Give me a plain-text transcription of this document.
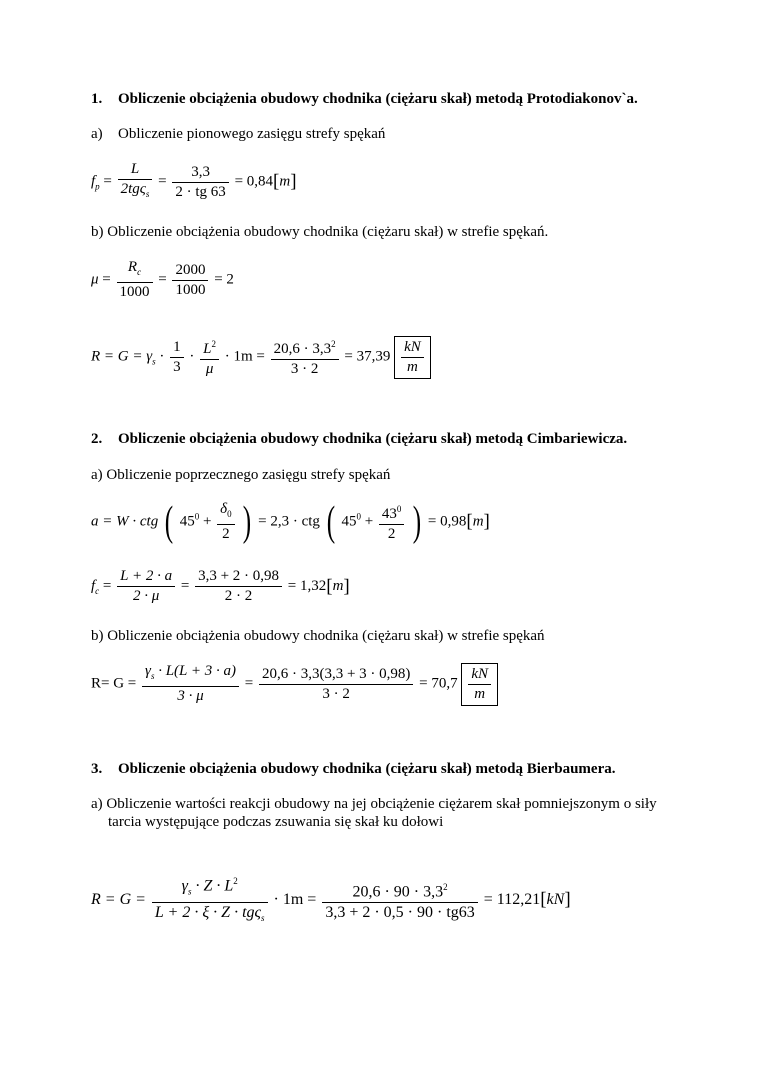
1. Obliczenie obciążenia obudowy chodnika (ciężaru skał) metodą Protodiakonov`a.
a) Obliczenie pionowego zasięgu strefy spękań
$f_p = \frac{L}{2tg\varsigma_s} = \frac{3,3}{2 \cdot tg 63} = 0,84[m]$
b) Obliczenie obciążenia obudowy chodnika (ciężaru skał) w strefie spękań.
$\mu = \frac{R_c}{1000} = \frac{2000}{1000} = 2$
$R = G = \gamma_s \cdot \frac{1}{3} \cdot \frac{L^2}{\mu} \cdot 1m = \frac{20,6 \cdot 3,3^2}{3 \cdot 2} = 37,39 \frac{kN}{m}$
2. Obliczenie obciążenia obudowy chodnika (ciężaru skał) metodą Cimbariewicza.
a) Obliczenie poprzecznego zasięgu strefy spękań
a = W · ctg ( $45^0 + \frac{\delta_0}{2}$ ) = 2,3 · ctg ( $45^0 + \frac{43^0}{2}$ ) = 0,98[m]
$f_c = \frac{L + 2 \cdot a}{2 \cdot \mu} = \frac{3,3 + 2 \cdot 0,98}{2 \cdot 2} = 1,32[m]$
b) Obliczenie obciążenia obudowy chodnika (ciężaru skał) w strefie spękań
$R= G = \frac{\gamma_s \cdot L(L + 3 \cdot a)}{3 \cdot \mu} = \frac{20,6 \cdot 3,3(3,3 + 3 \cdot 0,98)}{3 \cdot 2} = 70,7 \frac{kN}{m}$
3. Obliczenie obciążenia obudowy chodnika (ciężaru skał) metodą Bierbaumera.
a) Obliczenie wartości reakcji obudowy na jej obciążenie ciężarem skał pomniejszonym o siły
tarcia występujące podczas zsuwania się skał ku dołowi
$R = G = \frac{\gamma_s \cdot Z \cdot L^2}{L + 2 \cdot \xi \cdot Z \cdot tg\varsigma_s} \cdot 1m = \frac{20,6 \cdot 90 \cdot 3,3^2}{3,3 + 2 \cdot 0,5 \cdot 90 \cdot tg63} = 112,21[kN]$
